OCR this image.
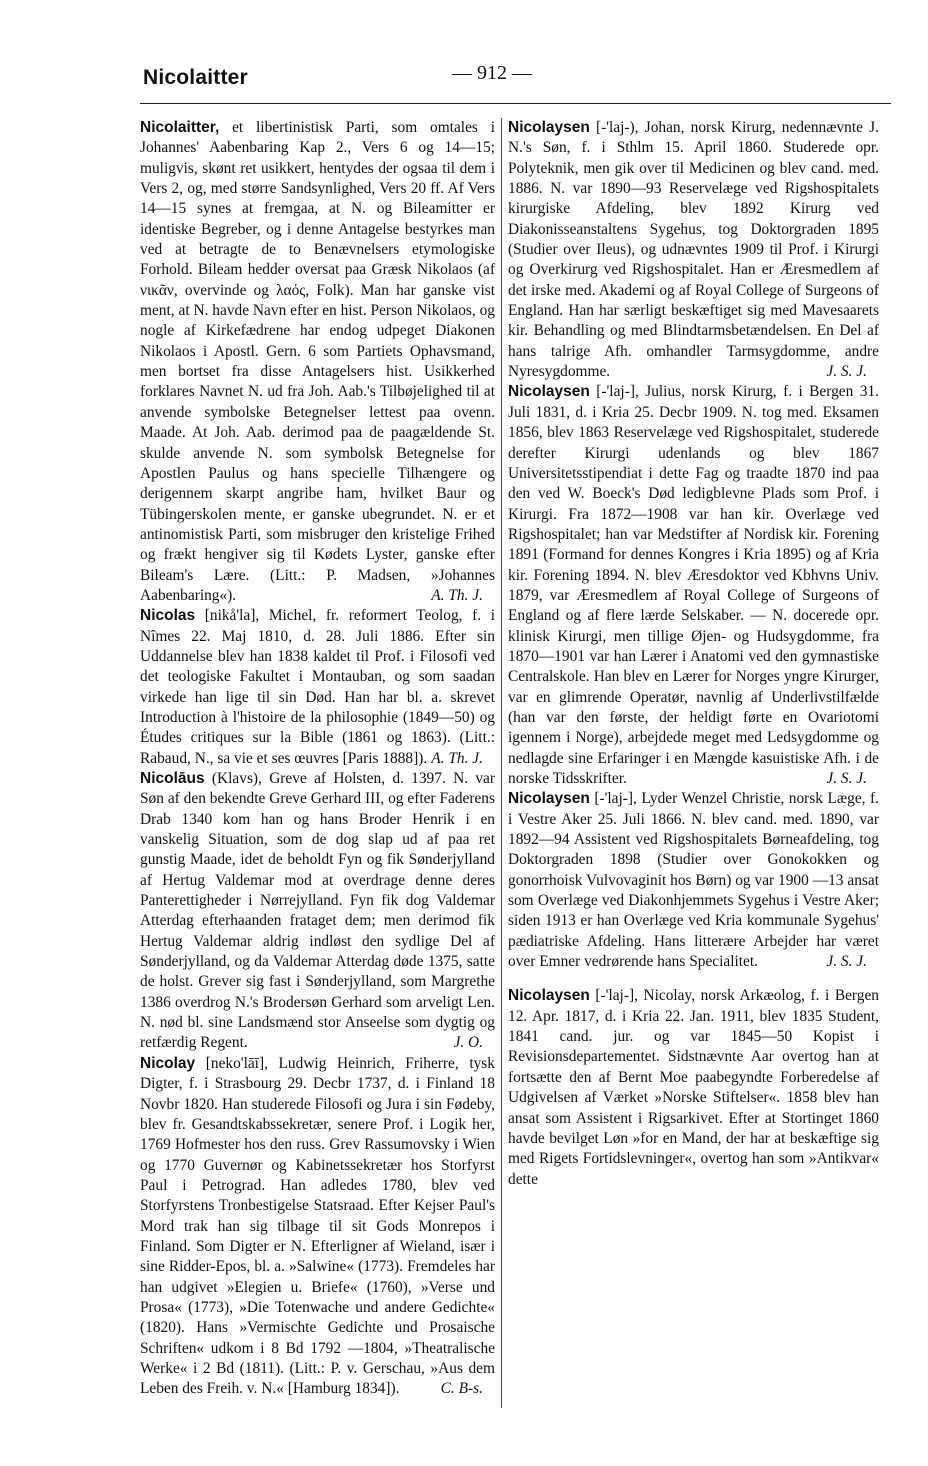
Nicolaitter	— 912 —

Nicolaitter, et libertinistisk Parti, som omtales i Johannes' Aabenbaring Kap 2., Vers 6 og 14—15; muligvis, skønt ret usikkert, hentydes der ogsaa til dem i Vers 2, og, med større Sandsynlighed, Vers 20 ff. Af Vers 14—15 synes at fremgaa, at N. og Bileamitter er identiske Begreber, og i denne Antagelse bestyrkes man ved at betragte de to Benævnelsers etymologiske Forhold. Bileam hedder oversat paa Græsk Nikolaos (af νικᾶν, overvinde og λαός, Folk). Man har ganske vist ment, at N. havde Navn efter en hist. Person Nikolaos, og nogle af Kirkefædrene har endog udpeget Diakonen Nikolaos i Apostl. Gern. 6 som Partiets Ophavsmand, men bortset fra disse Antagelsers hist. Usikkerhed forklares Navnet N. ud fra Joh. Aab.'s Tilbøjelighed til at anvende symbolske Betegnelser lettest paa ovenn. Maade. At Joh. Aab. derimod paa de paagældende St. skulde anvende N. som symbolsk Betegnelse for Apostlen Paulus og hans specielle Tilhængere og derigennem skarpt angribe ham, hvilket Baur og Tübingerskolen mente, er ganske ubegrundet. N. er et antinomistisk Parti, som misbruger den kristelige Frihed og frækt hengiver sig til Kødets Lyster, ganske efter Bileam's Lære. (Litt.: P. Madsen, »Johannes Aabenbaring«).	A. Th. J.

Nicolas [nikå'la], Michel, fr. reformert Teolog, f. i Nîmes 22. Maj 1810, d. 28. Juli 1886. Efter sin Uddannelse blev han 1838 kaldet til Prof. i Filosofi ved det teologiske Fakultet i Montauban, og som saadan virkede han lige til sin Død. Han har bl. a. skrevet Introduction à l'histoire de la philosophie (1849—50) og Études critiques sur la Bible (1861 og 1863). (Litt.: Rabaud, N., sa vie et ses œuvres [Paris 1888]). A. Th. J.

Nicolāus (Klavs), Greve af Holsten, d. 1397. N. var Søn af den bekendte Greve Gerhard III, og efter Faderens Drab 1340 kom han og hans Broder Henrik i en vanskelig Situation, som de dog slap ud af paa ret gunstig Maade, idet de beholdt Fyn og fik Sønderjylland af Hertug Valdemar mod at overdrage denne deres Panterettigheder i Nørrejylland. Fyn fik dog Valdemar Atterdag efterhaanden frataget dem; men derimod fik Hertug Valdemar aldrig indløst den sydlige Del af Sønderjylland, og da Valdemar Atterdag døde 1375, satte de holst. Grever sig fast i Sønderjylland, som Margrethe 1386 overdrog N.'s Brodersøn Gerhard som arveligt Len. N. nød bl. sine Landsmænd stor Anseelse som dygtig og retfærdig Regent.	J. O.

Nicolay [neko'lāī], Ludwig Heinrich, Friherre, tysk Digter, f. i Strasbourg 29. Decbr 1737, d. i Finland 18 Novbr 1820. Han studerede Filosofi og Jura i sin Fødeby, blev fr. Gesandtskabssekretær, senere Prof. i Logik her, 1769 Hofmester hos den russ. Grev Rassumovsky i Wien og 1770 Guvernør og Kabinetssekretær hos Storfyrst Paul i Petrograd. Han adledes 1780, blev ved Storfyrstens Tronbestigelse Statsraad. Efter Kejser Paul's Mord trak han sig tilbage til sit Gods Monrepos i Finland. Som Digter er N. Efterligner af Wieland, især i sine Ridder-Epos, bl. a. »Salwine« (1773). Fremdeles har han udgivet »Elegien u. Briefe« (1760), »Verse und Prosa« (1773), »Die Totenwache und andere Gedichte« (1820). Hans »Vermischte Gedichte und Prosaische Schriften« udkom i 8 Bd 1792 —1804, »Theatralische Werke« i 2 Bd (1811). (Litt.: P. v. Gerschau, »Aus dem Leben des Freih. v. N.« [Hamburg 1834]).	C. B-s.

Nicolaysen [-'laj-), Johan, norsk Kirurg, nedennævnte J. N.'s Søn, f. i Sthlm 15. April 1860. Studerede opr. Polyteknik, men gik over til Medicinen og blev cand. med. 1886. N. var 1890—93 Reservelæge ved Rigshospitalets kirurgiske Afdeling, blev 1892 Kirurg ved Diakonisseanstaltens Sygehus, tog Doktorgraden 1895 (Studier over Ileus), og udnævntes 1909 til Prof. i Kirurgi og Overkirurg ved Rigshospitalet. Han er Æresmedlem af det irske med. Akademi og af Royal College of Surgeons of England. Han har særligt beskæftiget sig med Mavesaarets kir. Behandling og med Blindtarmsbetændelsen. En Del af hans talrige Afh. omhandler Tarmsygdomme, andre Nyresygdomme.	J. S. J.

Nicolaysen [-'laj-], Julius, norsk Kirurg, f. i Bergen 31. Juli 1831, d. i Kria 25. Decbr 1909. N. tog med. Eksamen 1856, blev 1863 Reservelæge ved Rigshospitalet, studerede derefter Kirurgi udenlands og blev 1867 Universitetsstipendiat i dette Fag og traadte 1870 ind paa den ved W. Boeck's Død ledigblevne Plads som Prof. i Kirurgi. Fra 1872—1908 var han kir. Overlæge ved Rigshospitalet; han var Medstifter af Nordisk kir. Forening 1891 (Formand for dennes Kongres i Kria 1895) og af Kria kir. Forening 1894. N. blev Æresdoktor ved Kbhvns Univ. 1879, var Æresmedlem af Royal College of Surgeons of England og af flere lærde Selskaber. — N. docerede opr. klinisk Kirurgi, men tillige Øjen- og Hudsygdomme, fra 1870—1901 var han Lærer i Anatomi ved den gymnastiske Centralskole. Han blev en Lærer for Norges yngre Kirurger, var en glimrende Operatør, navnlig af Underlivstilfælde (han var den første, der heldigt førte en Ovariotomi igennem i Norge), arbejdede meget med Ledsygdomme og nedlagde sine Erfaringer i en Mængde kasuistiske Afh. i de norske Tidsskrifter.	J. S. J.

Nicolaysen [-'laj-], Lyder Wenzel Christie, norsk Læge, f. i Vestre Aker 25. Juli 1866. N. blev cand. med. 1890, var 1892—94 Assistent ved Rigshospitalets Børneafdeling, tog Doktorgraden 1898 (Studier over Gonokokken og gonorrhoisk Vulvovaginit hos Børn) og var 1900 —13 ansat som Overlæge ved Diakonhjemmets Sygehus i Vestre Aker; siden 1913 er han Overlæge ved Kria kommunale Sygehus' pædiatriske Afdeling. Hans litterære Arbejder har været over Emner vedrørende hans Specialitet.	J. S. J.

Nicolaysen [-'laj-], Nicolay, norsk Arkæolog, f. i Bergen 12. Apr. 1817, d. i Kria 22. Jan. 1911, blev 1835 Student, 1841 cand. jur. og var 1845—50 Kopist i Revisionsdepartementet. Sidstnævnte Aar overtog han at fortsætte den af Bernt Moe paabegyndte Forberedelse af Udgivelsen af Værket »Norske Stiftelser«. 1858 blev han ansat som Assistent i Rigsarkivet. Efter at Stortinget 1860 havde bevilget Løn »for en Mand, der har at beskæftige sig med Rigets Fortidslevninger«, overtog han som »Antikvar« dette
